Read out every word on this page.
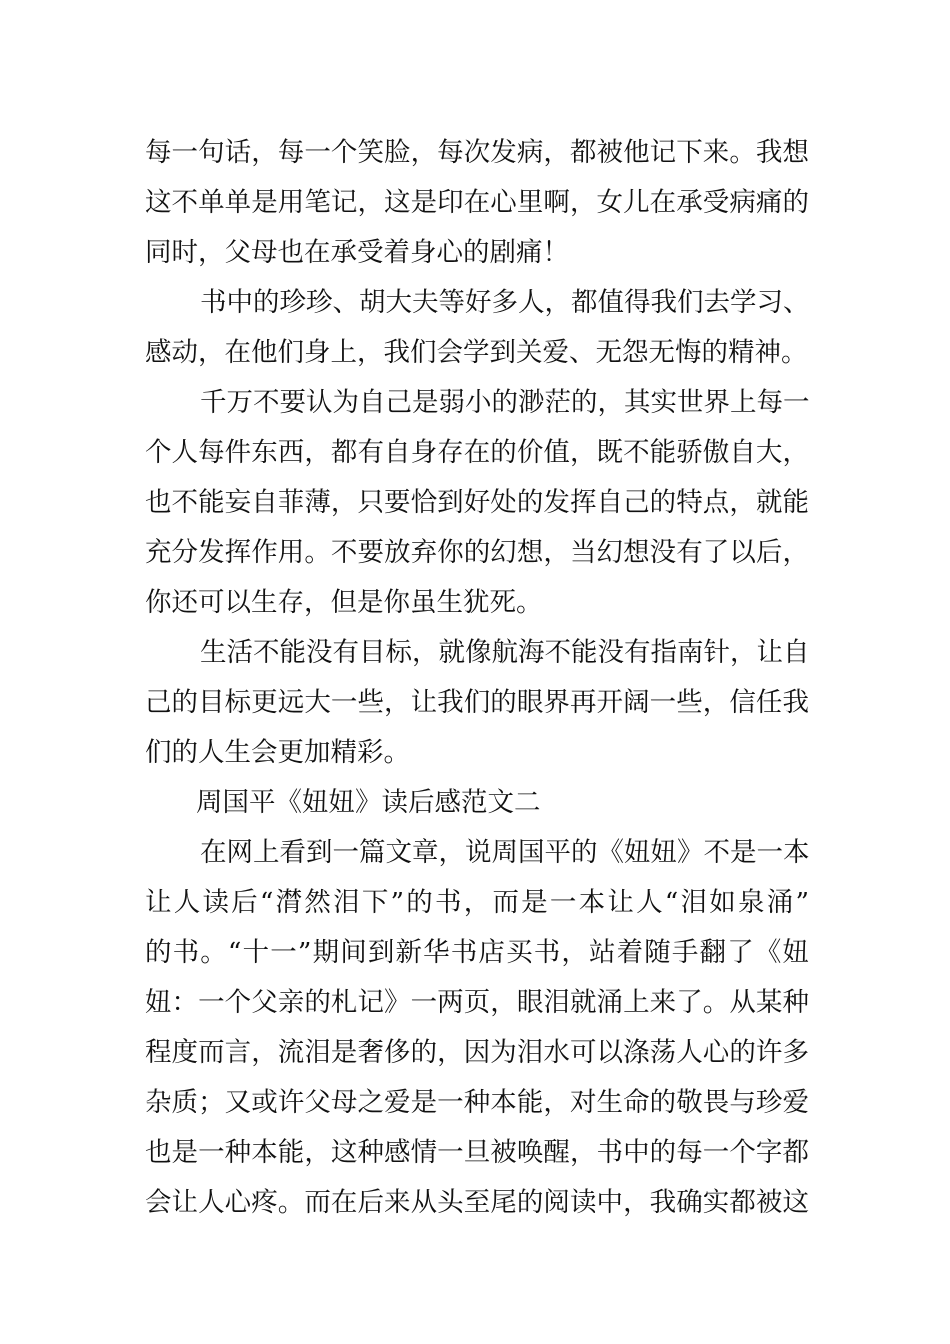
每一句话，每一个笑脸，每次发病，都被他记下来。我想
这不单单是用笔记，这是印在心里啊，女儿在承受病痛的
同时，父母也在承受着身心的剧痛！
书中的珍珍、胡大夫等好多人，都值得我们去学习、
感动，在他们身上，我们会学到关爱、无怨无悔的精神。
千万不要认为自己是弱小的渺茫的，其实世界上每一
个人每件东西，都有自身存在的价值，既不能骄傲自大，
也不能妄自菲薄，只要恰到好处的发挥自己的特点，就能
充分发挥作用。不要放弃你的幻想，当幻想没有了以后，
你还可以生存，但是你虽生犹死。
生活不能没有目标，就像航海不能没有指南针，让自
己的目标更远大一些，让我们的眼界再开阔一些，信任我
们的人生会更加精彩。
周国平《妞妞》读后感范文二
在网上看到一篇文章，说周国平的《妞妞》不是一本
让人读后“潸然泪下”的书，而是一本让人“泪如泉涌”
的书。“十一”期间到新华书店买书，站着随手翻了《妞
妞：一个父亲的札记》一两页，眼泪就涌上来了。从某种
程度而言，流泪是奢侈的，因为泪水可以涤荡人心的许多
杂质；又或许父母之爱是一种本能，对生命的敬畏与珍爱
也是一种本能，这种感情一旦被唤醒，书中的每一个字都
会让人心疼。而在后来从头至尾的阅读中，我确实都被这
